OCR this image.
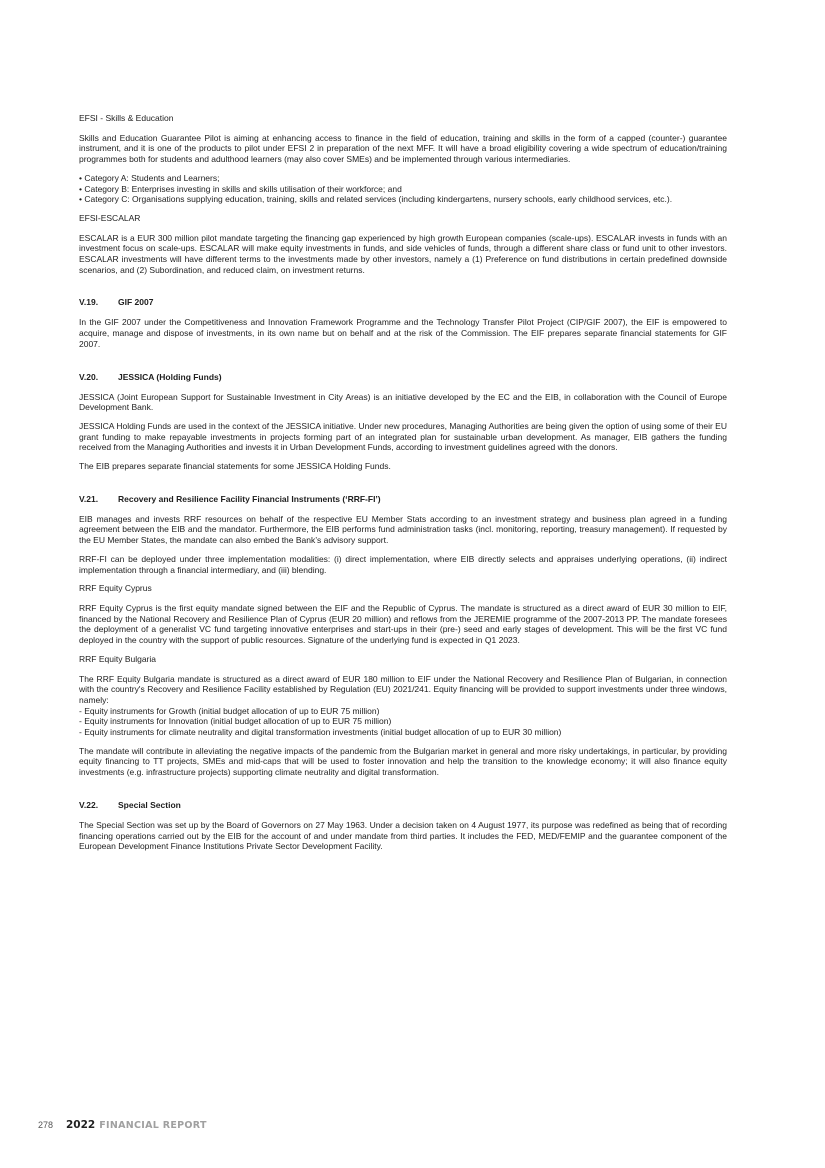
EFSI - Skills & Education

Skills and Education Guarantee Pilot is aiming at enhancing access to finance in the field of education, training and skills in the form of a capped (counter-) guarantee instrument, and it is one of the products to pilot under EFSI 2 in preparation of the next MFF. It will have a broad eligibility covering a wide spectrum of education/training programmes both for students and adulthood learners (may also cover SMEs) and be implemented through various intermediaries.

• Category A: Students and Learners;
• Category B: Enterprises investing in skills and skills utilisation of their workforce; and
• Category C: Organisations supplying education, training, skills and related services (including kindergartens, nursery schools, early childhood services, etc.).

EFSI-ESCALAR

ESCALAR is a EUR 300 million pilot mandate targeting the financing gap experienced by high growth European companies (scale-ups). ESCALAR invests in funds with an investment focus on scale-ups. ESCALAR will make equity investments in funds, and side vehicles of funds, through a different share class or fund unit to other investors. ESCALAR investments will have different terms to the investments made by other investors, namely a (1) Preference on fund distributions in certain predefined downside scenarios, and (2) Subordination, and reduced claim, on investment returns.

V.19. GIF 2007

In the GIF 2007 under the Competitiveness and Innovation Framework Programme and the Technology Transfer Pilot Project (CIP/GIF 2007), the EIF is empowered to acquire, manage and dispose of investments, in its own name but on behalf and at the risk of the Commission. The EIF prepares separate financial statements for GIF 2007.

V.20. JESSICA (Holding Funds)

JESSICA (Joint European Support for Sustainable Investment in City Areas) is an initiative developed by the EC and the EIB, in collaboration with the Council of Europe Development Bank.

JESSICA Holding Funds are used in the context of the JESSICA initiative. Under new procedures, Managing Authorities are being given the option of using some of their EU grant funding to make repayable investments in projects forming part of an integrated plan for sustainable urban development. As manager, EIB gathers the funding received from the Managing Authorities and invests it in Urban Development Funds, according to investment guidelines agreed with the donors.

The EIB prepares separate financial statements for some JESSICA Holding Funds.

V.21. Recovery and Resilience Facility Financial Instruments (‘RRF-FI’)

EIB manages and invests RRF resources on behalf of the respective EU Member Stats according to an investment strategy and business plan agreed in a funding agreement between the EIB and the mandator. Furthermore, the EIB performs fund administration tasks (incl. monitoring, reporting, treasury management). If requested by the EU Member States, the mandate can also embed the Bank’s advisory support.

RRF-FI can be deployed under three implementation modalities: (i) direct implementation, where EIB directly selects and appraises underlying operations, (ii) indirect implementation through a financial intermediary, and (iii) blending.

RRF Equity Cyprus

RRF Equity Cyprus is the first equity mandate signed between the EIF and the Republic of Cyprus. The mandate is structured as a direct award of EUR 30 million to EIF, financed by the National Recovery and Resilience Plan of Cyprus (EUR 20 million) and reflows from the JEREMIE programme of the 2007-2013 PP. The mandate foresees the deployment of a generalist VC fund targeting innovative enterprises and start-ups in their (pre-) seed and early stages of development. This will be the first VC fund deployed in the country with the support of public resources. Signature of the underlying fund is expected in Q1 2023.

RRF Equity Bulgaria

The RRF Equity Bulgaria mandate is structured as a direct award of EUR 180 million to EIF under the National Recovery and Resilience Plan of Bulgarian, in connection with the country's Recovery and Resilience Facility established by Regulation (EU) 2021/241. Equity financing will be provided to support investments under three windows, namely:
- Equity instruments for Growth (initial budget allocation of up to EUR 75 million)
- Equity instruments for Innovation (initial budget allocation of up to EUR 75 million)
- Equity instruments for climate neutrality and digital transformation investments (initial budget allocation of up to EUR 30 million)

The mandate will contribute in alleviating the negative impacts of the pandemic from the Bulgarian market in general and more risky undertakings, in particular, by providing equity financing to TT projects, SMEs and mid-caps that will be used to foster innovation and help the transition to the knowledge economy; it will also finance equity investments (e.g. infrastructure projects) supporting climate neutrality and digital transformation.

V.22. Special Section

The Special Section was set up by the Board of Governors on 27 May 1963. Under a decision taken on 4 August 1977, its purpose was redefined as being that of recording financing operations carried out by the EIB for the account of and under mandate from third parties. It includes the FED, MED/FEMIP and the guarantee component of the European Development Finance Institutions Private Sector Development Facility.

278	2022 FINANCIAL REPORT
